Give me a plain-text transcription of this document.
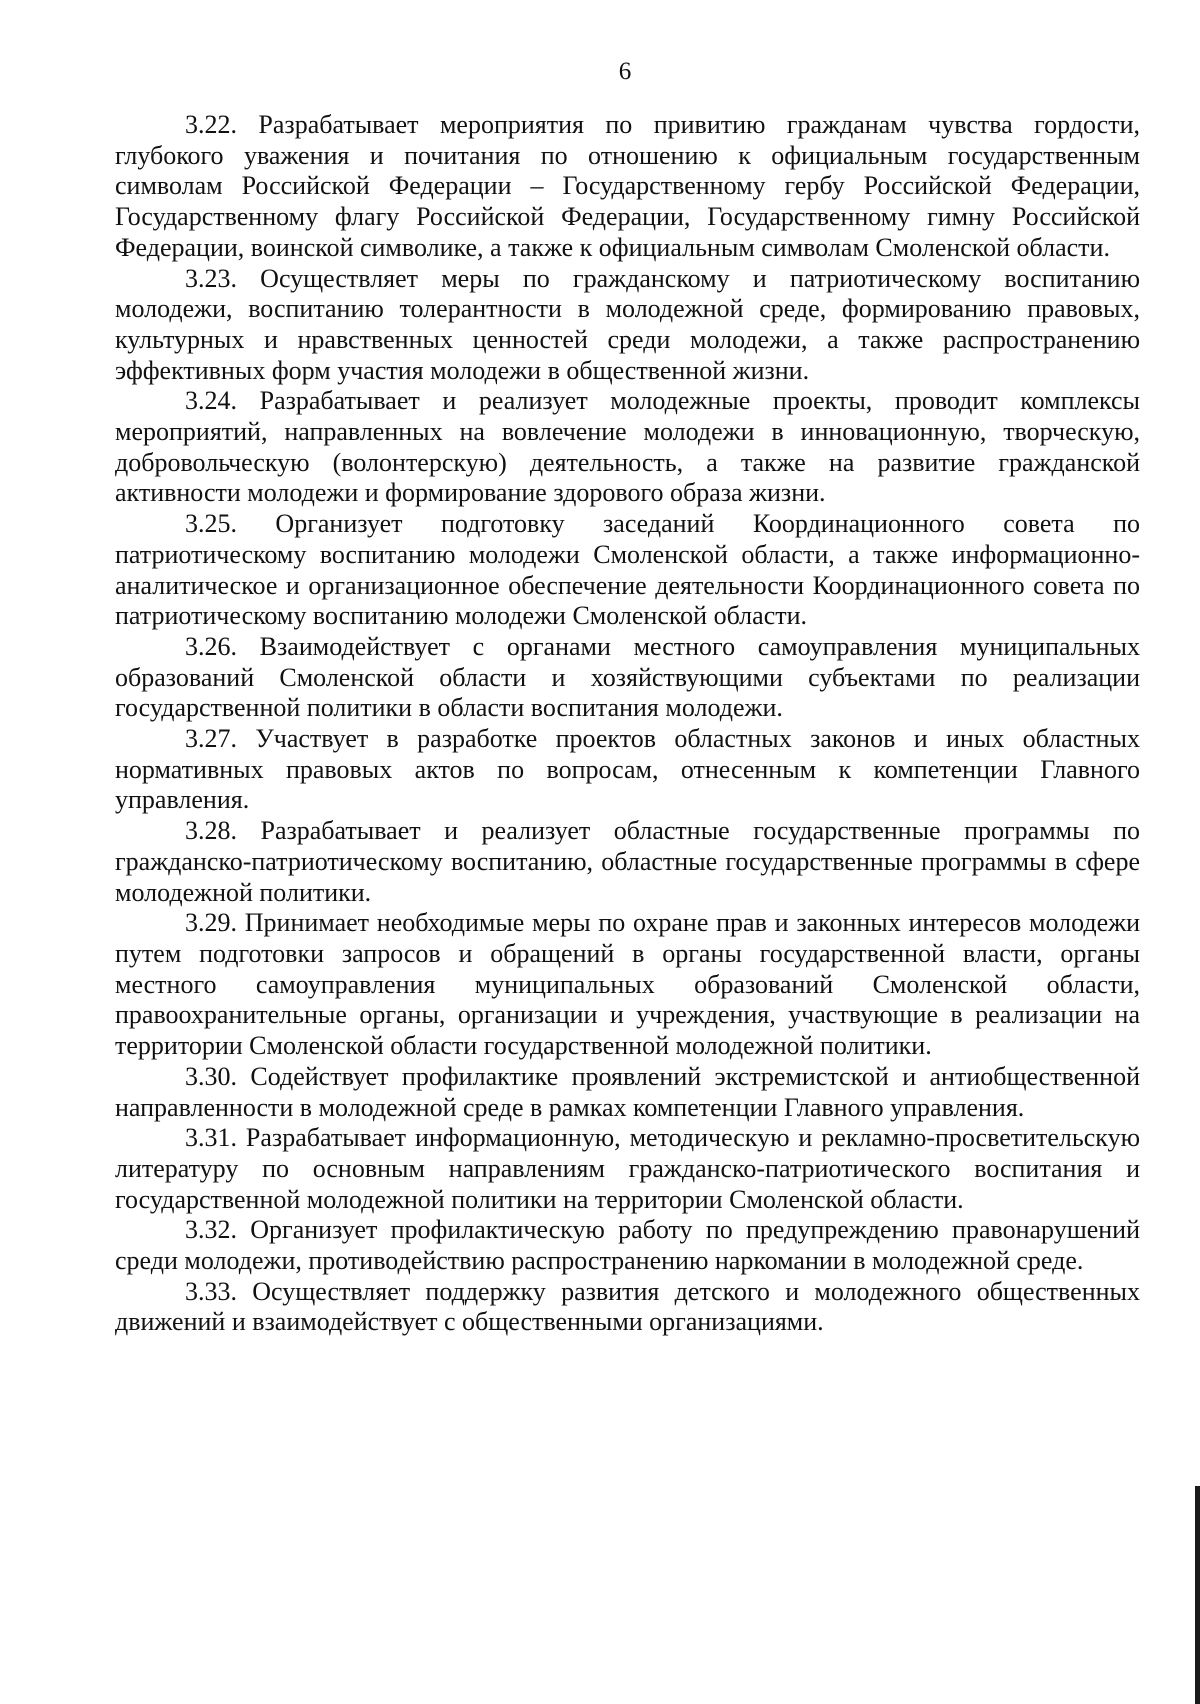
6

3.22. Разрабатывает мероприятия по привитию гражданам чувства гордости, глубокого уважения и почитания по отношению к официальным государственным символам Российской Федерации – Государственному гербу Российской Федерации, Государственному флагу Российской Федерации, Государственному гимну Российской Федерации, воинской символике, а также к официальным символам Смоленской области.

3.23. Осуществляет меры по гражданскому и патриотическому воспитанию молодежи, воспитанию толерантности в молодежной среде, формированию правовых, культурных и нравственных ценностей среди молодежи, а также распространению эффективных форм участия молодежи в общественной жизни.

3.24. Разрабатывает и реализует молодежные проекты, проводит комплексы мероприятий, направленных на вовлечение молодежи в инновационную, творческую, добровольческую (волонтерскую) деятельность, а также на развитие гражданской активности молодежи и формирование здорового образа жизни.

3.25. Организует подготовку заседаний Координационного совета по патриотическому воспитанию молодежи Смоленской области, а также информационно-аналитическое и организационное обеспечение деятельности Координационного совета по патриотическому воспитанию молодежи Смоленской области.

3.26. Взаимодействует с органами местного самоуправления муниципальных образований Смоленской области и хозяйствующими субъектами по реализации государственной политики в области воспитания молодежи.

3.27. Участвует в разработке проектов областных законов и иных областных нормативных правовых актов по вопросам, отнесенным к компетенции Главного управления.

3.28. Разрабатывает и реализует областные государственные программы по гражданско-патриотическому воспитанию, областные государственные программы в сфере молодежной политики.

3.29. Принимает необходимые меры по охране прав и законных интересов молодежи путем подготовки запросов и обращений в органы государственной власти, органы местного самоуправления муниципальных образований Смоленской области, правоохранительные органы, организации и учреждения, участвующие в реализации на территории Смоленской области государственной молодежной политики.

3.30. Содействует профилактике проявлений экстремистской и антиобщественной направленности в молодежной среде в рамках компетенции Главного управления.

3.31. Разрабатывает информационную, методическую и рекламно-просветительскую литературу по основным направлениям гражданско-патриотического воспитания и государственной молодежной политики на территории Смоленской области.

3.32. Организует профилактическую работу по предупреждению правонарушений среди молодежи, противодействию распространению наркомании в молодежной среде.

3.33. Осуществляет поддержку развития детского и молодежного общественных движений и взаимодействует с общественными организациями.
